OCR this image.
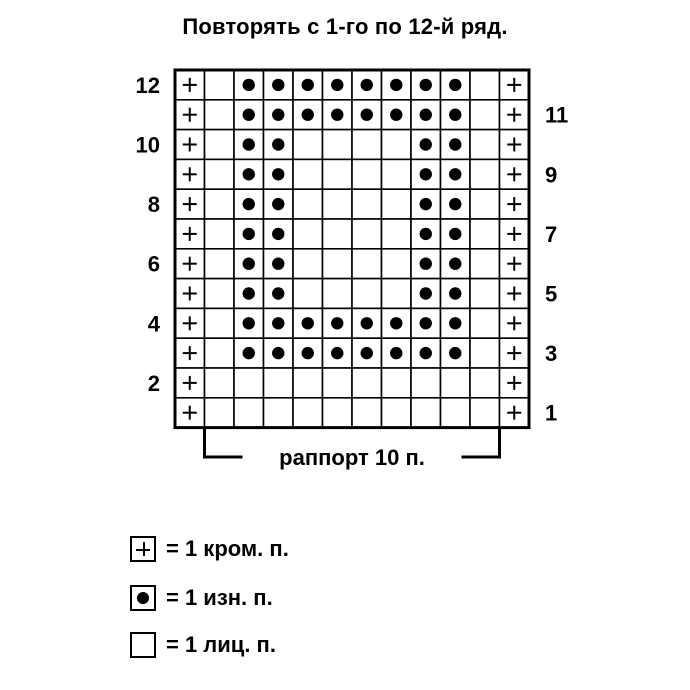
Повторять с 1-го по 12-й ряд.
12
10
8
6
4
2
11
9
7
5
3
1
раппорт 10 п.
= 1 кром. п.
= 1 изн. п.
= 1 лиц. п.
